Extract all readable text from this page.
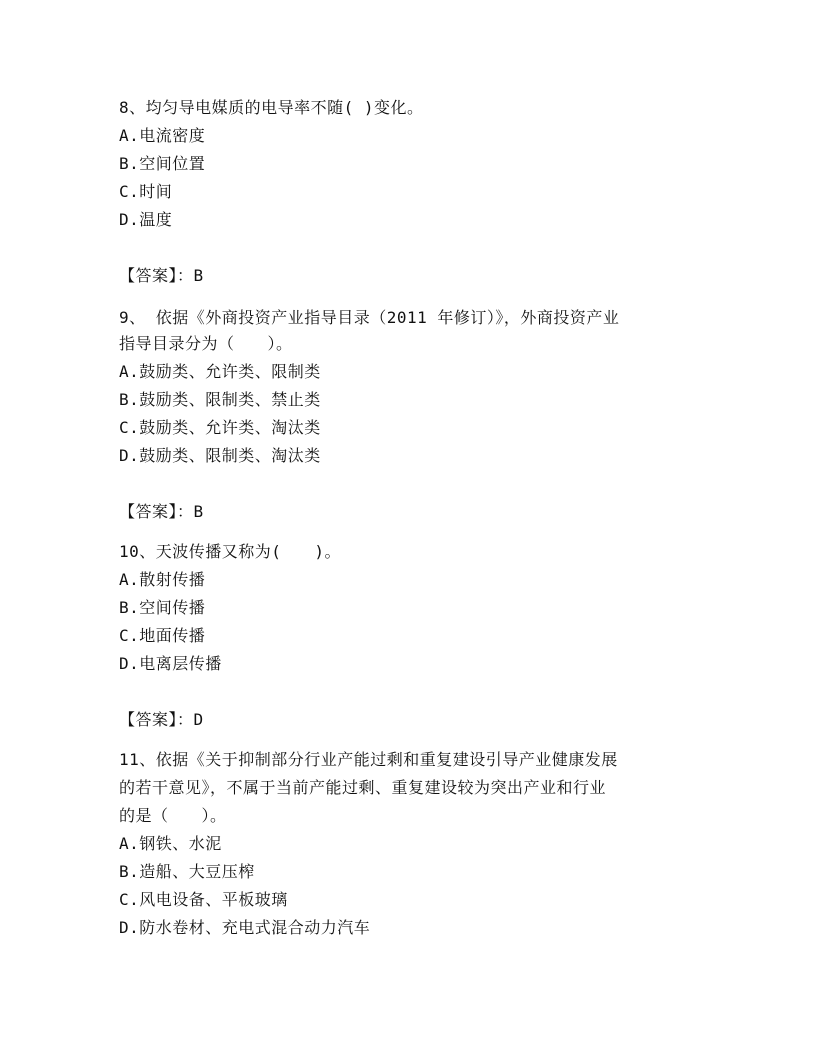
8、均匀导电媒质的电导率不随( )变化。
A.电流密度
B.空间位置
C.时间
D.温度
【答案】：B
9、 依据《外商投资产业指导目录（2011 年修订）》，外商投资产业
指导目录分为（　　）。
A.鼓励类、允许类、限制类
B.鼓励类、限制类、禁止类
C.鼓励类、允许类、淘汰类
D.鼓励类、限制类、淘汰类
【答案】：B
10、天波传播又称为(　　)。
A.散射传播
B.空间传播
C.地面传播
D.电离层传播
【答案】：D
11、依据《关于抑制部分行业产能过剩和重复建设引导产业健康发展
的若干意见》，不属于当前产能过剩、重复建设较为突出产业和行业
的是（　　）。
A.钢铁、水泥
B.造船、大豆压榨
C.风电设备、平板玻璃
D.防水卷材、充电式混合动力汽车
